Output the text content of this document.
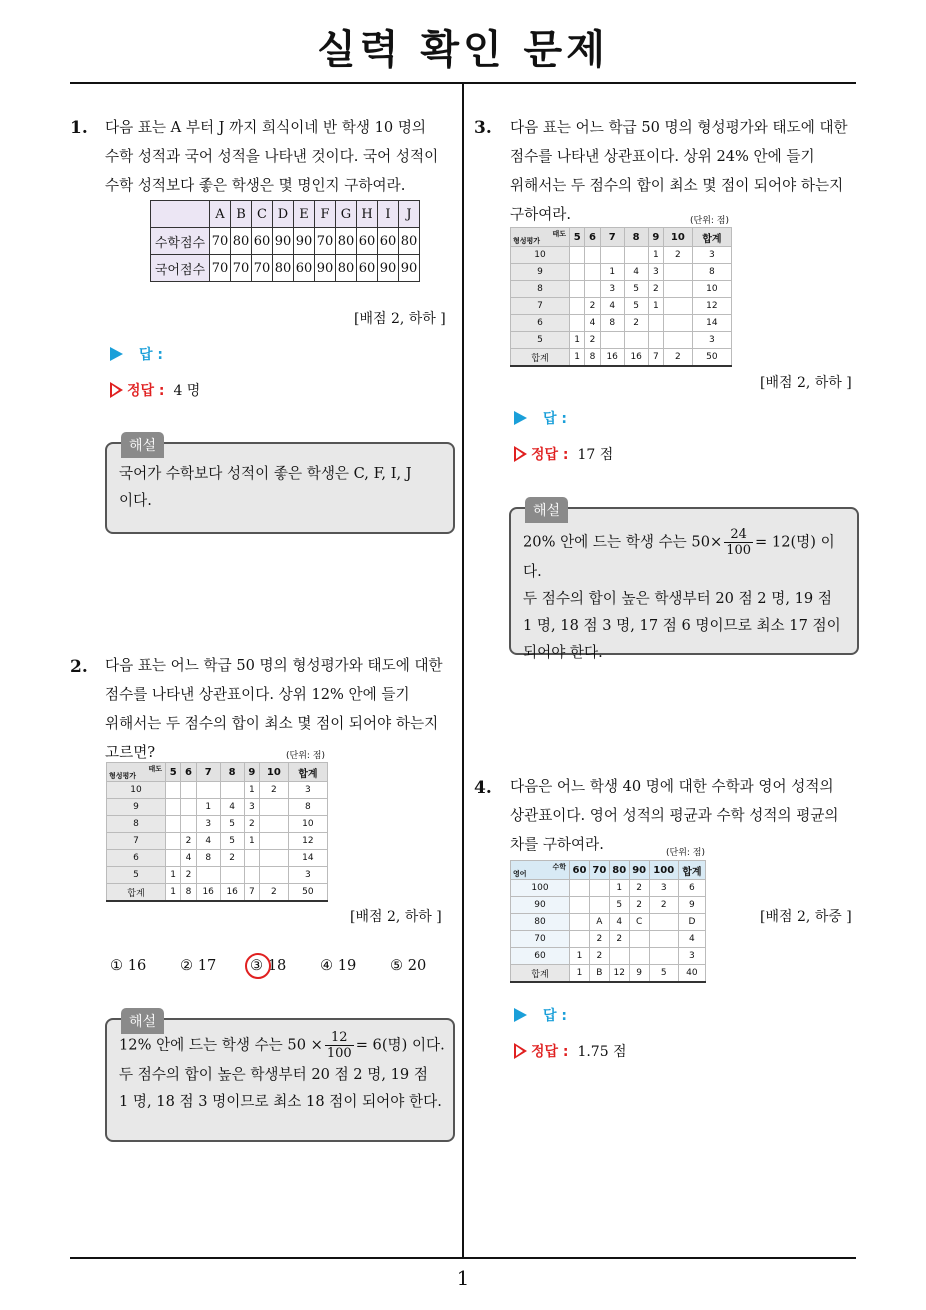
실력 확인 문제
1
1. 다음 표는 A 부터 J 까지 희식이네 반 학생 10 명의
수학 성적과 국어 성적을 나타낸 것이다. 국어 성적이
수학 성적보다 좋은 학생은 몇 명인지 구하여라.
	A	B	C	D	E	F	G	H	I	J
수학점수	70	80	60	90	90	70	80	60	60	80
국어점수	70	70	70	80	60	90	80	60	90	90
[배점 2, 하하 ]
답 :
정답 : 4 명
해설
국어가 수학보다 성적이 좋은 학생은 C, F, I, J
이다.
2. 다음 표는 어느 학급 50 명의 형성평가와 태도에 대한
점수를 나타낸 상관표이다. 상위 12% 안에 들기
위해서는 두 점수의 합이 최소 몇 점이 되어야 하는지
고르면?	(단위: 점)
태도
형성평가	5	6	7	8	9	10	합계
10					1	2	3
9			1	4	3		8
8			3	5	2		10
7		2	4	5	1		12
6		4	8	2			14
5	1	2					3
합계	1	8	16	16	7	2	50
[배점 2, 하하 ]
① 16 ② 17 ③ 18 ④ 19 ⑤ 20
해설
12% 안에 드는 학생 수는 $50 \times \frac{12}{100} = 6$(명) 이다.
두 점수의 합이 높은 학생부터 20 점 2 명, 19 점
1 명, 18 점 3 명이므로 최소 18 점이 되어야 한다.
3. 다음 표는 어느 학급 50 명의 형성평가와 태도에 대한
점수를 나타낸 상관표이다. 상위 24% 안에 들기
위해서는 두 점수의 합이 최소 몇 점이 되어야 하는지
구하여라.	(단위: 점)
태도
형성평가	5	6	7	8	9	10	합계
10					1	2	3
9			1	4	3		8
8			3	5	2		10
7		2	4	5	1		12
6		4	8	2			14
5	1	2					3
합계	1	8	16	16	7	2	50
[배점 2, 하하 ]
답 :
정답 : 17 점
해설
20% 안에 드는 학생 수는 $50\times \frac{24}{100} = 12$(명) 이다.
두 점수의 합이 높은 학생부터 20 점 2 명, 19 점
1 명, 18 점 3 명, 17 점 6 명이므로 최소 17 점이
되어야 한다.
4. 다음은 어느 학생 40 명에 대한 수학과 영어 성적의
상관표이다. 영어 성적의 평균과 수학 성적의 평균의
차를 구하여라.	(단위: 점)
수학
영어	60	70	80	90	100	합계
100			1	2	3	6
90			5	2	2	9
80		A	4	C		D
70		2	2			4
60	1	2				3
합계	1	B	12	9	5	40
[배점 2, 하중 ]
답 :
정답 : 1.75 점
